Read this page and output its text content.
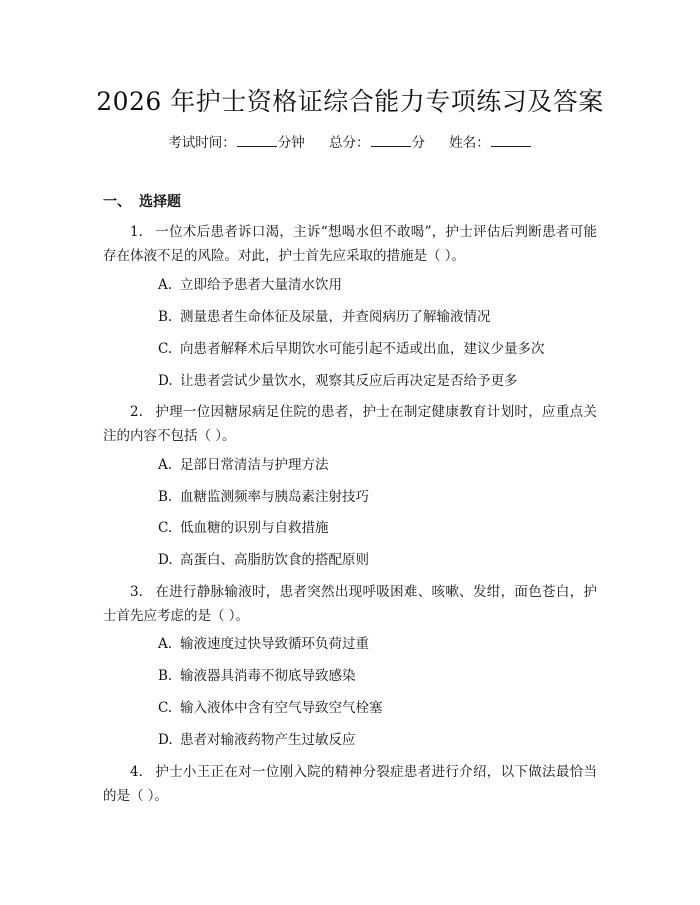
2026 年护士资格证综合能力专项练习及答案
考试时间：	分钟 总分：	分 姓名：
一、 选择题
1. 一位术后患者诉口渴，主诉“想喝水但不敢喝”，护士评估后判断患者可能存在体液不足的风险。对此，护士首先应采取的措施是（ ）。
A. 立即给予患者大量清水饮用
B. 测量患者生命体征及尿量，并查阅病历了解输液情况
C. 向患者解释术后早期饮水可能引起不适或出血，建议少量多次
D. 让患者尝试少量饮水，观察其反应后再决定是否给予更多
2. 护理一位因糖尿病足住院的患者，护士在制定健康教育计划时，应重点关注的内容不包括（ ）。
A. 足部日常清洁与护理方法
B. 血糖监测频率与胰岛素注射技巧
C. 低血糖的识别与自救措施
D. 高蛋白、高脂肪饮食的搭配原则
3. 在进行静脉输液时，患者突然出现呼吸困难、咳嗽、发绀，面色苍白，护士首先应考虑的是（ ）。
A. 输液速度过快导致循环负荷过重
B. 输液器具消毒不彻底导致感染
C. 输入液体中含有空气导致空气栓塞
D. 患者对输液药物产生过敏反应
4. 护士小王正在对一位刚入院的精神分裂症患者进行介绍，以下做法最恰当的是（ ）。
